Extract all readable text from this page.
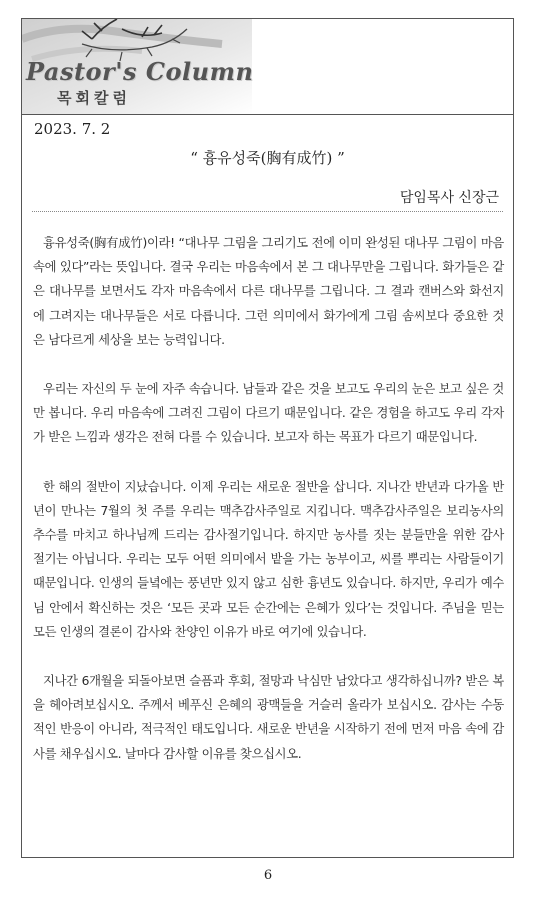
Pastor's Column
목회칼럼
2023. 7. 2
“ 흉유성죽(胸有成竹) ”
담임목사 신장근

흉유성죽(胸有成竹)이라! “대나무 그림을 그리기도 전에 이미 완성된 대나무 그림이 마음 속에 있다”라는 뜻입니다. 결국 우리는 마음속에서 본 그 대나무만을 그립니다. 화가들은 같은 대나무를 보면서도 각자 마음속에서 다른 대나무를 그립니다. 그 결과 캔버스와 화선지에 그려지는 대나무들은 서로 다릅니다. 그런 의미에서 화가에게 그림 솜씨보다 중요한 것은 남다르게 세상을 보는 능력입니다.

우리는 자신의 두 눈에 자주 속습니다. 남들과 같은 것을 보고도 우리의 눈은 보고 싶은 것만 봅니다. 우리 마음속에 그려진 그림이 다르기 때문입니다. 같은 경험을 하고도 우리 각자가 받은 느낌과 생각은 전혀 다를 수 있습니다. 보고자 하는 목표가 다르기 때문입니다.

한 해의 절반이 지났습니다. 이제 우리는 새로운 절반을 삽니다. 지나간 반년과 다가올 반년이 만나는 7월의 첫 주를 우리는 맥추감사주일로 지킵니다. 맥추감사주일은 보리농사의 추수를 마치고 하나님께 드리는 감사절기입니다. 하지만 농사를 짓는 분들만을 위한 감사 절기는 아닙니다. 우리는 모두 어떤 의미에서 밭을 가는 농부이고, 씨를 뿌리는 사람들이기 때문입니다. 인생의 들녘에는 풍년만 있지 않고 심한 흉년도 있습니다. 하지만, 우리가 예수님 안에서 확신하는 것은 ‘모든 곳과 모든 순간에는 은혜가 있다’는 것입니다. 주님을 믿는 모든 인생의 결론이 감사와 찬양인 이유가 바로 여기에 있습니다.

지나간 6개월을 되돌아보면 슬픔과 후회, 절망과 낙심만 남았다고 생각하십니까? 받은 복을 헤아려보십시오. 주께서 베푸신 은혜의 광맥들을 거슬러 올라가 보십시오. 감사는 수동적인 반응이 아니라, 적극적인 태도입니다. 새로운 반년을 시작하기 전에 먼저 마음 속에 감사를 채우십시오. 날마다 감사할 이유를 찾으십시오.

6
